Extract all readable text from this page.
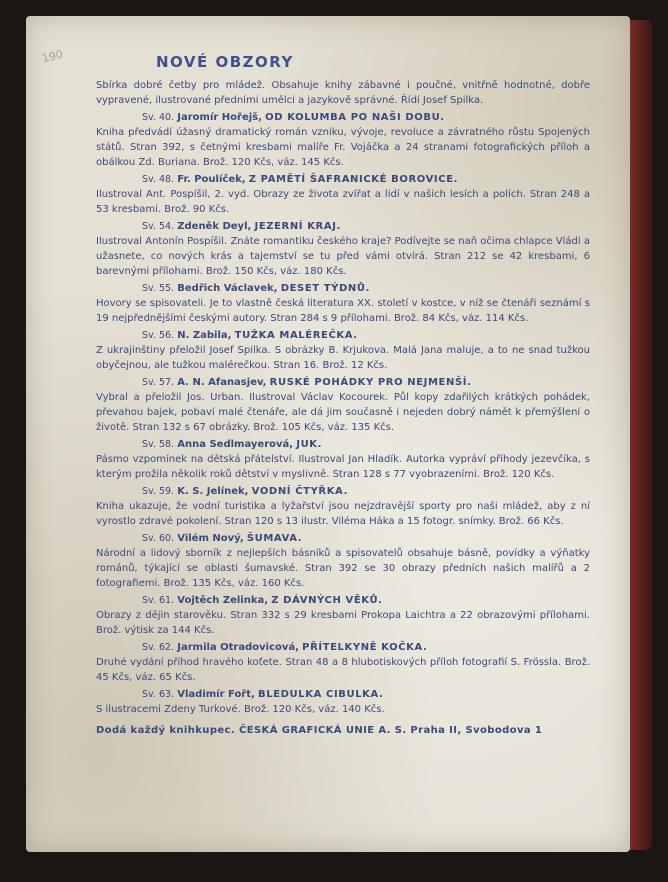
190	NOVÉ OBZORY
Sbírka dobré četby pro mládež. Obsahuje knihy zábavné i poučné, vnitřně hodnotné, dobře vypravené, ilustrované předními umělci a jazykově správné. Řídí Josef Spilka.
Sv. 40. Jaromír Hořejš, OD KOLUMBA PO NAŠI DOBU.
Kniha předvádí úžasný dramatický román vzniku, vývoje, revoluce a závratného růstu Spojených států. Stran 392, s četnými kresbami malíře Fr. Vojáčka a 24 stranami fotografických příloh a obálkou Zd. Buriana. Brož. 120 Kčs, váz. 145 Kčs.
Sv. 48. Fr. Poulíček, Z PAMĚTÍ ŠAFRANICKÉ BOROVICE.
Ilustroval Ant. Pospíšil, 2. vyd. Obrazy ze života zvířat a lidí v našich lesích a polích. Stran 248 a 53 kresbami. Brož. 90 Kčs.
Sv. 54. Zdeněk Deyl, JEZERNÍ KRAJ.
Ilustroval Antonín Pospíšil. Znáte romantiku českého kraje? Podívejte se naň očima chlapce Vládi a užasnete, co nových krás a tajemství se tu před vámi otvírá. Stran 212 se 42 kresbami, 6 barevnými přílohami. Brož. 150 Kčs, váz. 180 Kčs.
Sv. 55. Bedřich Václavek, DESET TÝDNŮ.
Hovory se spisovateli. Je to vlastně česká literatura XX. století v kostce, v níž se čtenáři seznámí s 19 nejpřednějšími českými autory. Stran 284 s 9 přílohami. Brož. 84 Kčs, váz. 114 Kčs.
Sv. 56. N. Zabila, TUŽKA MALÉREČKA.
Z ukrajinštiny přeložil Josef Spilka. S obrázky B. Krjukova. Malá Jana maluje, a to ne snad tužkou obyčejnou, ale tužkou malérečkou. Stran 16. Brož. 12 Kčs.
Sv. 57. A. N. Afanasjev, RUSKÉ POHÁDKY PRO NEJMENŠÍ.
Vybral a přeložil Jos. Urban. Ilustroval Václav Kocourek. Půl kopy zdařilých krátkých pohádek, převahou bajek, pobaví malé čtenáře, ale dá jim současně i nejeden dobrý námět k přemýšlení o životě. Stran 132 s 67 obrázky. Brož. 105 Kčs, váz. 135 Kčs.
Sv. 58. Anna Sedlmayerová, JUK.
Pásmo vzpomínek na dětská přátelství. Ilustroval Jan Hladík. Autorka vypráví příhody jezevčíka, s kterým prožila několik roků dětství v myslivně. Stran 128 s 77 vyobrazeními. Brož. 120 Kčs.
Sv. 59. K. S. Jelínek, VODNÍ ČTYŘKA.
Kniha ukazuje, že vodní turistika a lyžařství jsou nejzdravější sporty pro naši mládež, aby z ní vyrostlo zdravé pokolení. Stran 120 s 13 ilustr. Viléma Háka a 15 fotogr. snímky. Brož. 66 Kčs.
Sv. 60. Vilém Nový, ŠUMAVA.
Národní a lidový sborník z nejlepších básníků a spisovatelů obsahuje básně, povídky a výňatky románů, týkající se oblasti šumavské. Stran 392 se 30 obrazy předních našich malířů a 2 fotografiemi. Brož. 135 Kčs, váz. 160 Kčs.
Sv. 61. Vojtěch Zelinka, Z DÁVNÝCH VĚKŮ.
Obrazy z dějin starověku. Stran 332 s 29 kresbami Prokopa Laichtra a 22 obrazovými přílohami. Brož. výtisk za 144 Kčs.
Sv. 62. Jarmila Otradovicová, PŘÍTELKYNĚ KOČKA.
Druhé vydání příhod hravého koťete. Stran 48 a 8 hlubotiskových příloh fotografií S. Frössla. Brož. 45 Kčs, váz. 65 Kčs.
Sv. 63. Vladimír Fořt, BLEDULKA CIBULKA.
S ilustracemi Zdeny Turkové. Brož. 120 Kčs, váz. 140 Kčs.
Dodá každý knihkupec. ČESKÁ GRAFICKÁ UNIE A. S. Praha II, Svobodova 1
